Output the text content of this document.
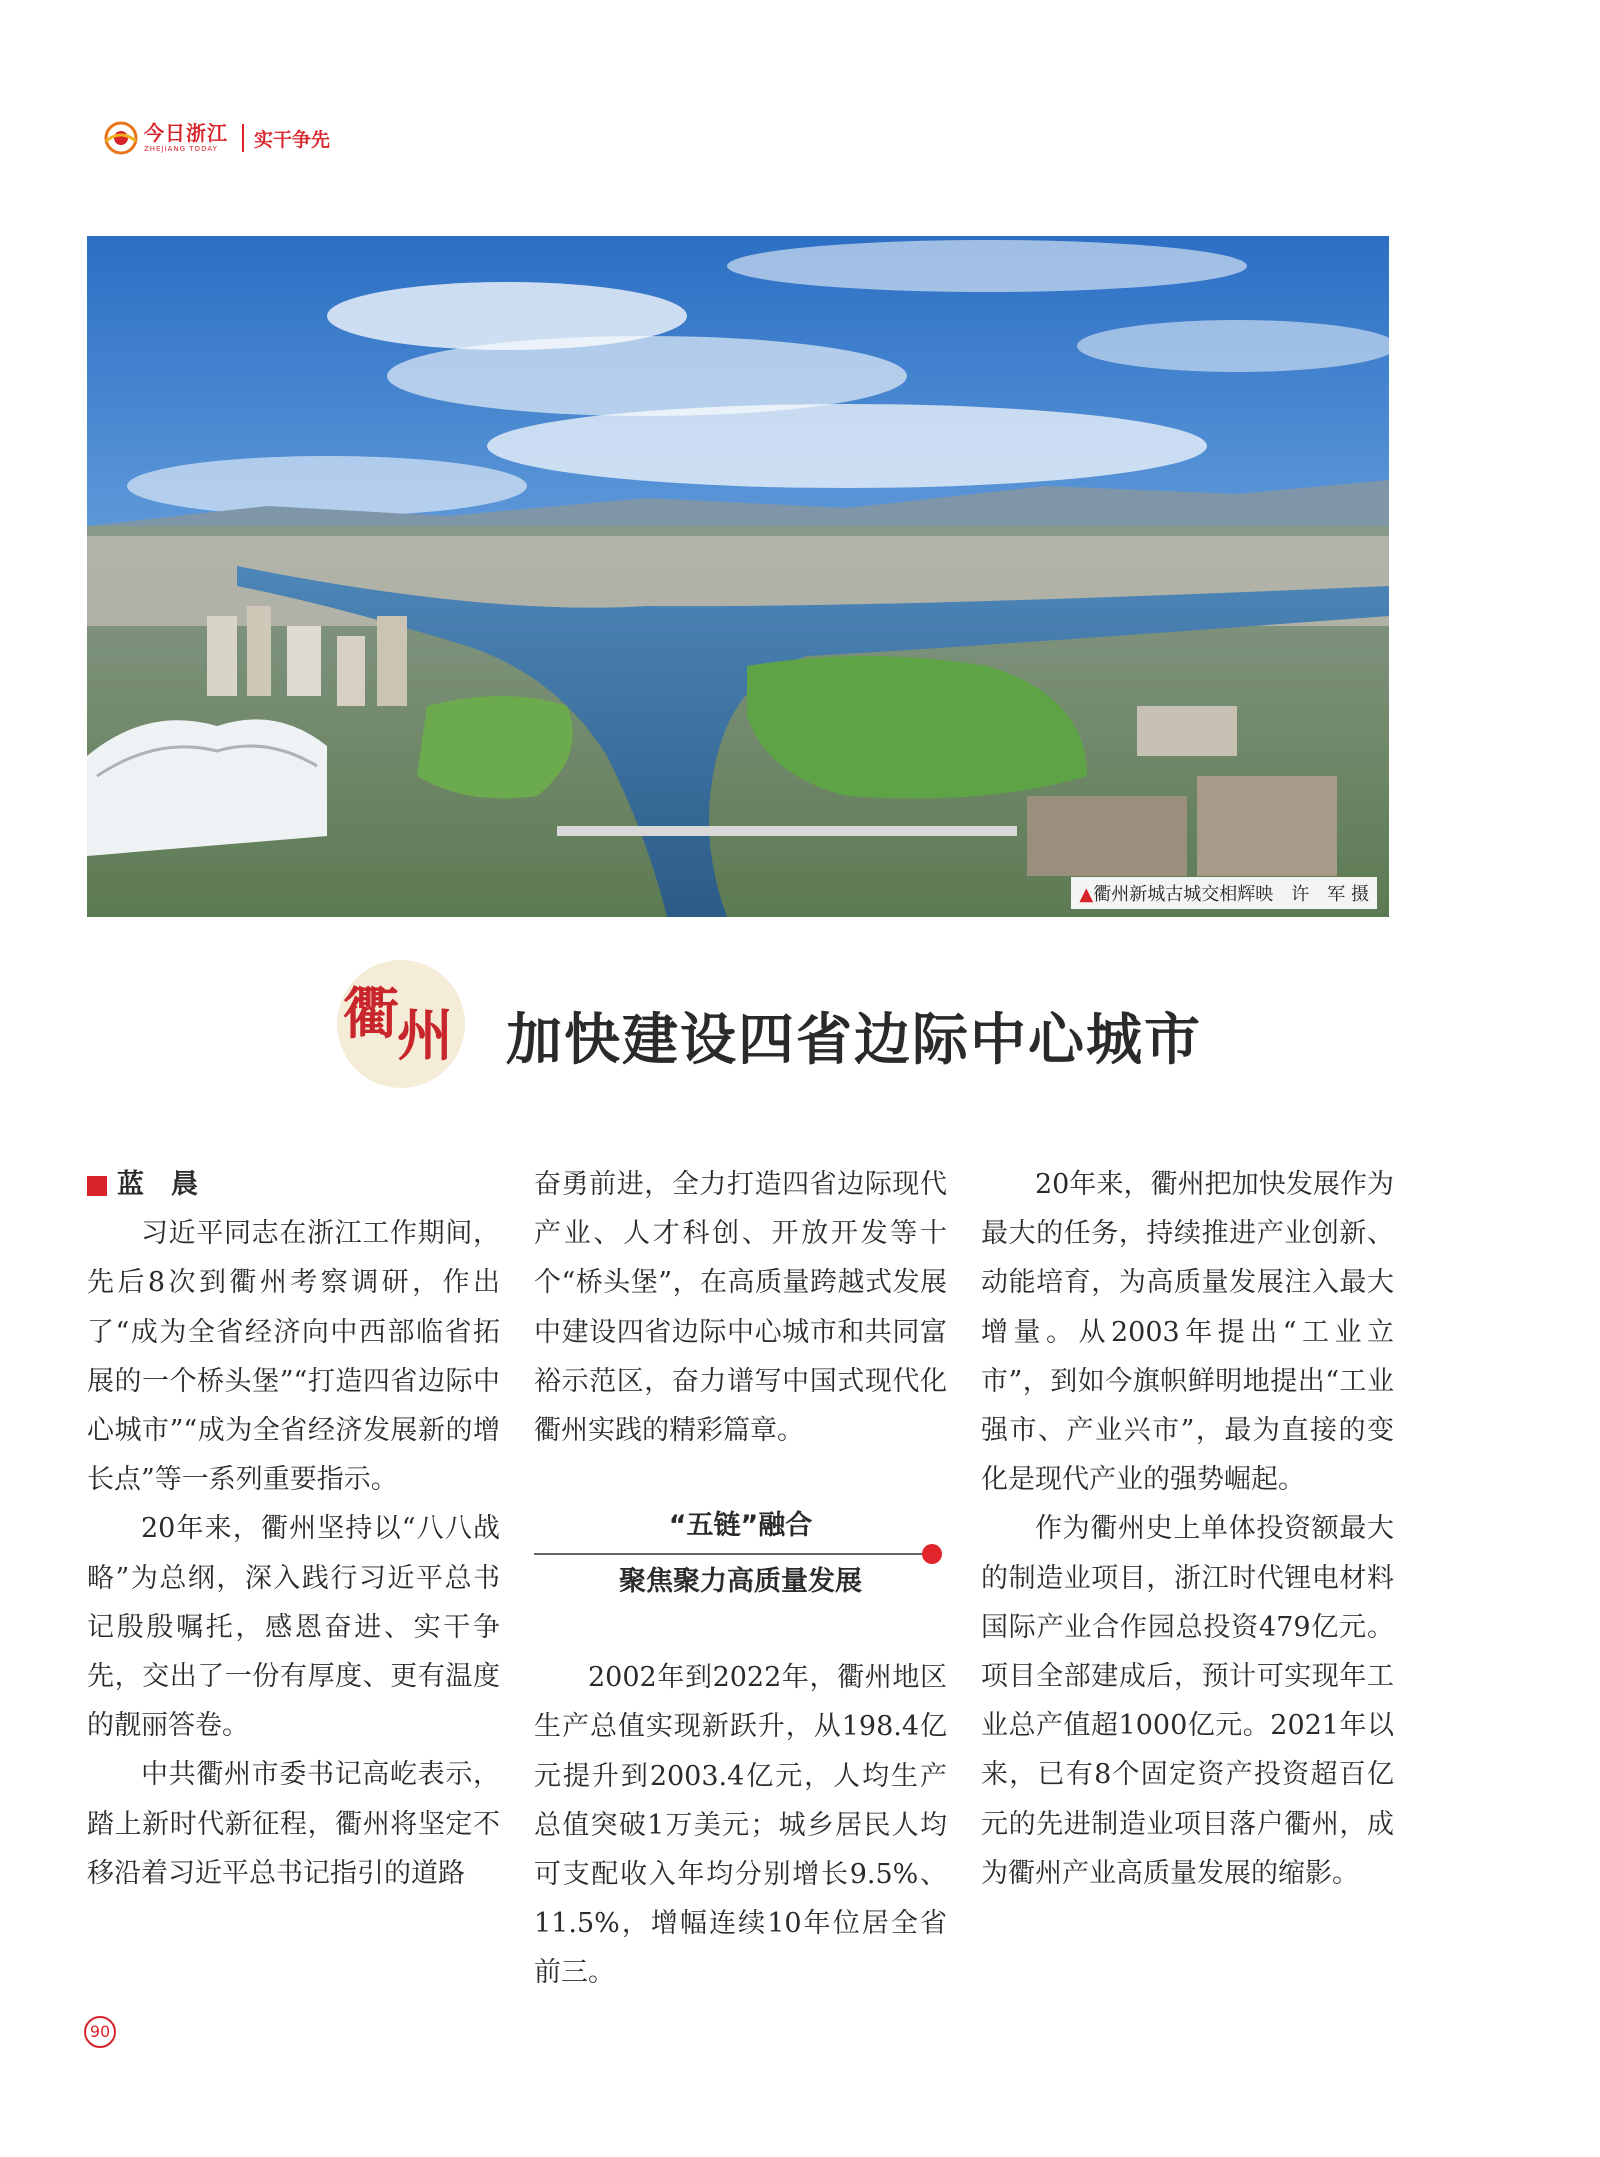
今日浙江
ZHEJIANG TODAY	实干争先
▲衢州新城古城交相辉映　 许　军 摄
衢州 加快建设四省边际中心城市

蓝　晨

习近平同志在浙江工作期间，先后8次到衢州考察调研，作出了“成为全省经济向中西部临省拓展的一个桥头堡”“打造四省边际中心城市”“成为全省经济发展新的增长点”等一系列重要指示。

20年来，衢州坚持以“八八战略”为总纲，深入践行习近平总书记殷殷嘱托，感恩奋进、实干争先，交出了一份有厚度、更有温度的靓丽答卷。

中共衢州市委书记高屹表示，踏上新时代新征程，衢州将坚定不移沿着习近平总书记指引的道路

奋勇前进，全力打造四省边际现代产业、人才科创、开放开发等十个“桥头堡”，在高质量跨越式发展中建设四省边际中心城市和共同富裕示范区，奋力谱写中国式现代化衢州实践的精彩篇章。

“五链”融合
聚焦聚力高质量发展

2002年到2022年，衢州地区生产总值实现新跃升，从198.4亿元提升到2003.4亿元，人均生产总值突破1万美元；城乡居民人均可支配收入年均分别增长9.5%、11.5%，增幅连续10年位居全省前三。

20年来，衢州把加快发展作为最大的任务，持续推进产业创新、动能培育，为高质量发展注入最大增量。从2003年提出“工业立市”，到如今旗帜鲜明地提出“工业强市、产业兴市”，最为直接的变化是现代产业的强势崛起。

作为衢州史上单体投资额最大的制造业项目，浙江时代锂电材料国际产业合作园总投资479亿元。项目全部建成后，预计可实现年工业总产值超1000亿元。2021年以来，已有8个固定资产投资超百亿元的先进制造业项目落户衢州，成为衢州产业高质量发展的缩影。

90
